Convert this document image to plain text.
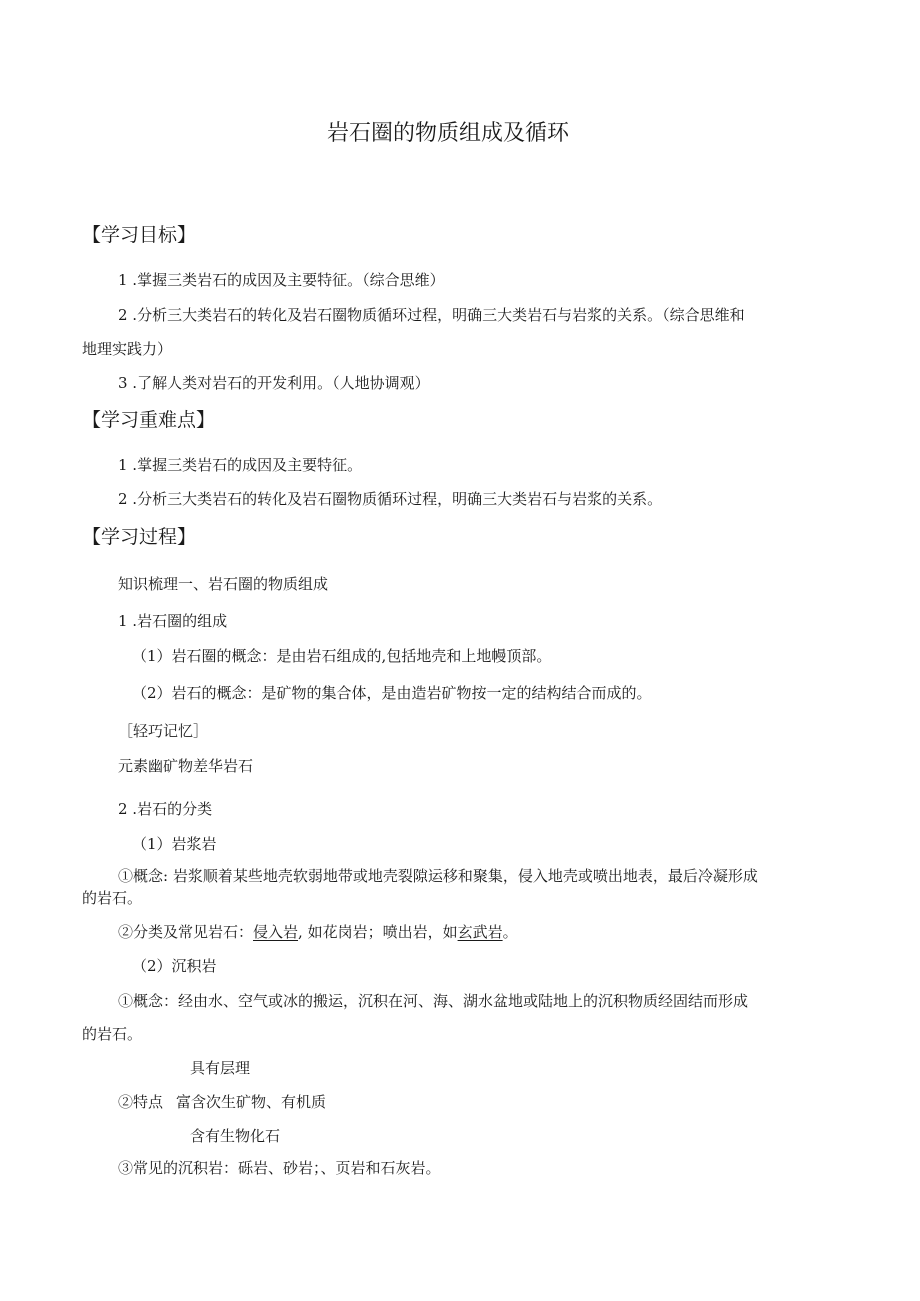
岩石圈的物质组成及循环
【学习目标】
1 .掌握三类岩石的成因及主要特征。（综合思维）
2 .分析三大类岩石的转化及岩石圈物质循环过程，明确三大类岩石与岩浆的关系。（综合思维和
地理实践力）
3 .了解人类对岩石的开发利用。（人地协调观）
【学习重难点】
1 .掌握三类岩石的成因及主要特征。
2 .分析三大类岩石的转化及岩石圈物质循环过程，明确三大类岩石与岩浆的关系。
【学习过程】
知识梳理一、岩石圈的物质组成
1 .岩石圈的组成
（1）岩石圈的概念：是由岩石组成的,包括地壳和上地幔顶部。
（2）岩石的概念：是矿物的集合体，是由造岩矿物按一定的结构结合而成的。
［轻巧记忆］
元素幽矿物差华岩石
2 .岩石的分类
（1）岩浆岩
①概念: 岩浆顺着某些地壳软弱地带或地壳裂隙运移和聚集，侵入地壳或喷出地表，最后冷凝形成
的岩石。
②分类及常见岩石：侵入岩, 如花岗岩；喷出岩，如玄武岩。
（2）沉积岩
①概念：经由水、空气或冰的搬运，沉积在河、海、湖水盆地或陆地上的沉积物质经固结而形成
的岩石。
具有层理
②特点 富含次生矿物、有机质
含有生物化石
③常见的沉积岩：砾岩、砂岩；、页岩和石灰岩。
